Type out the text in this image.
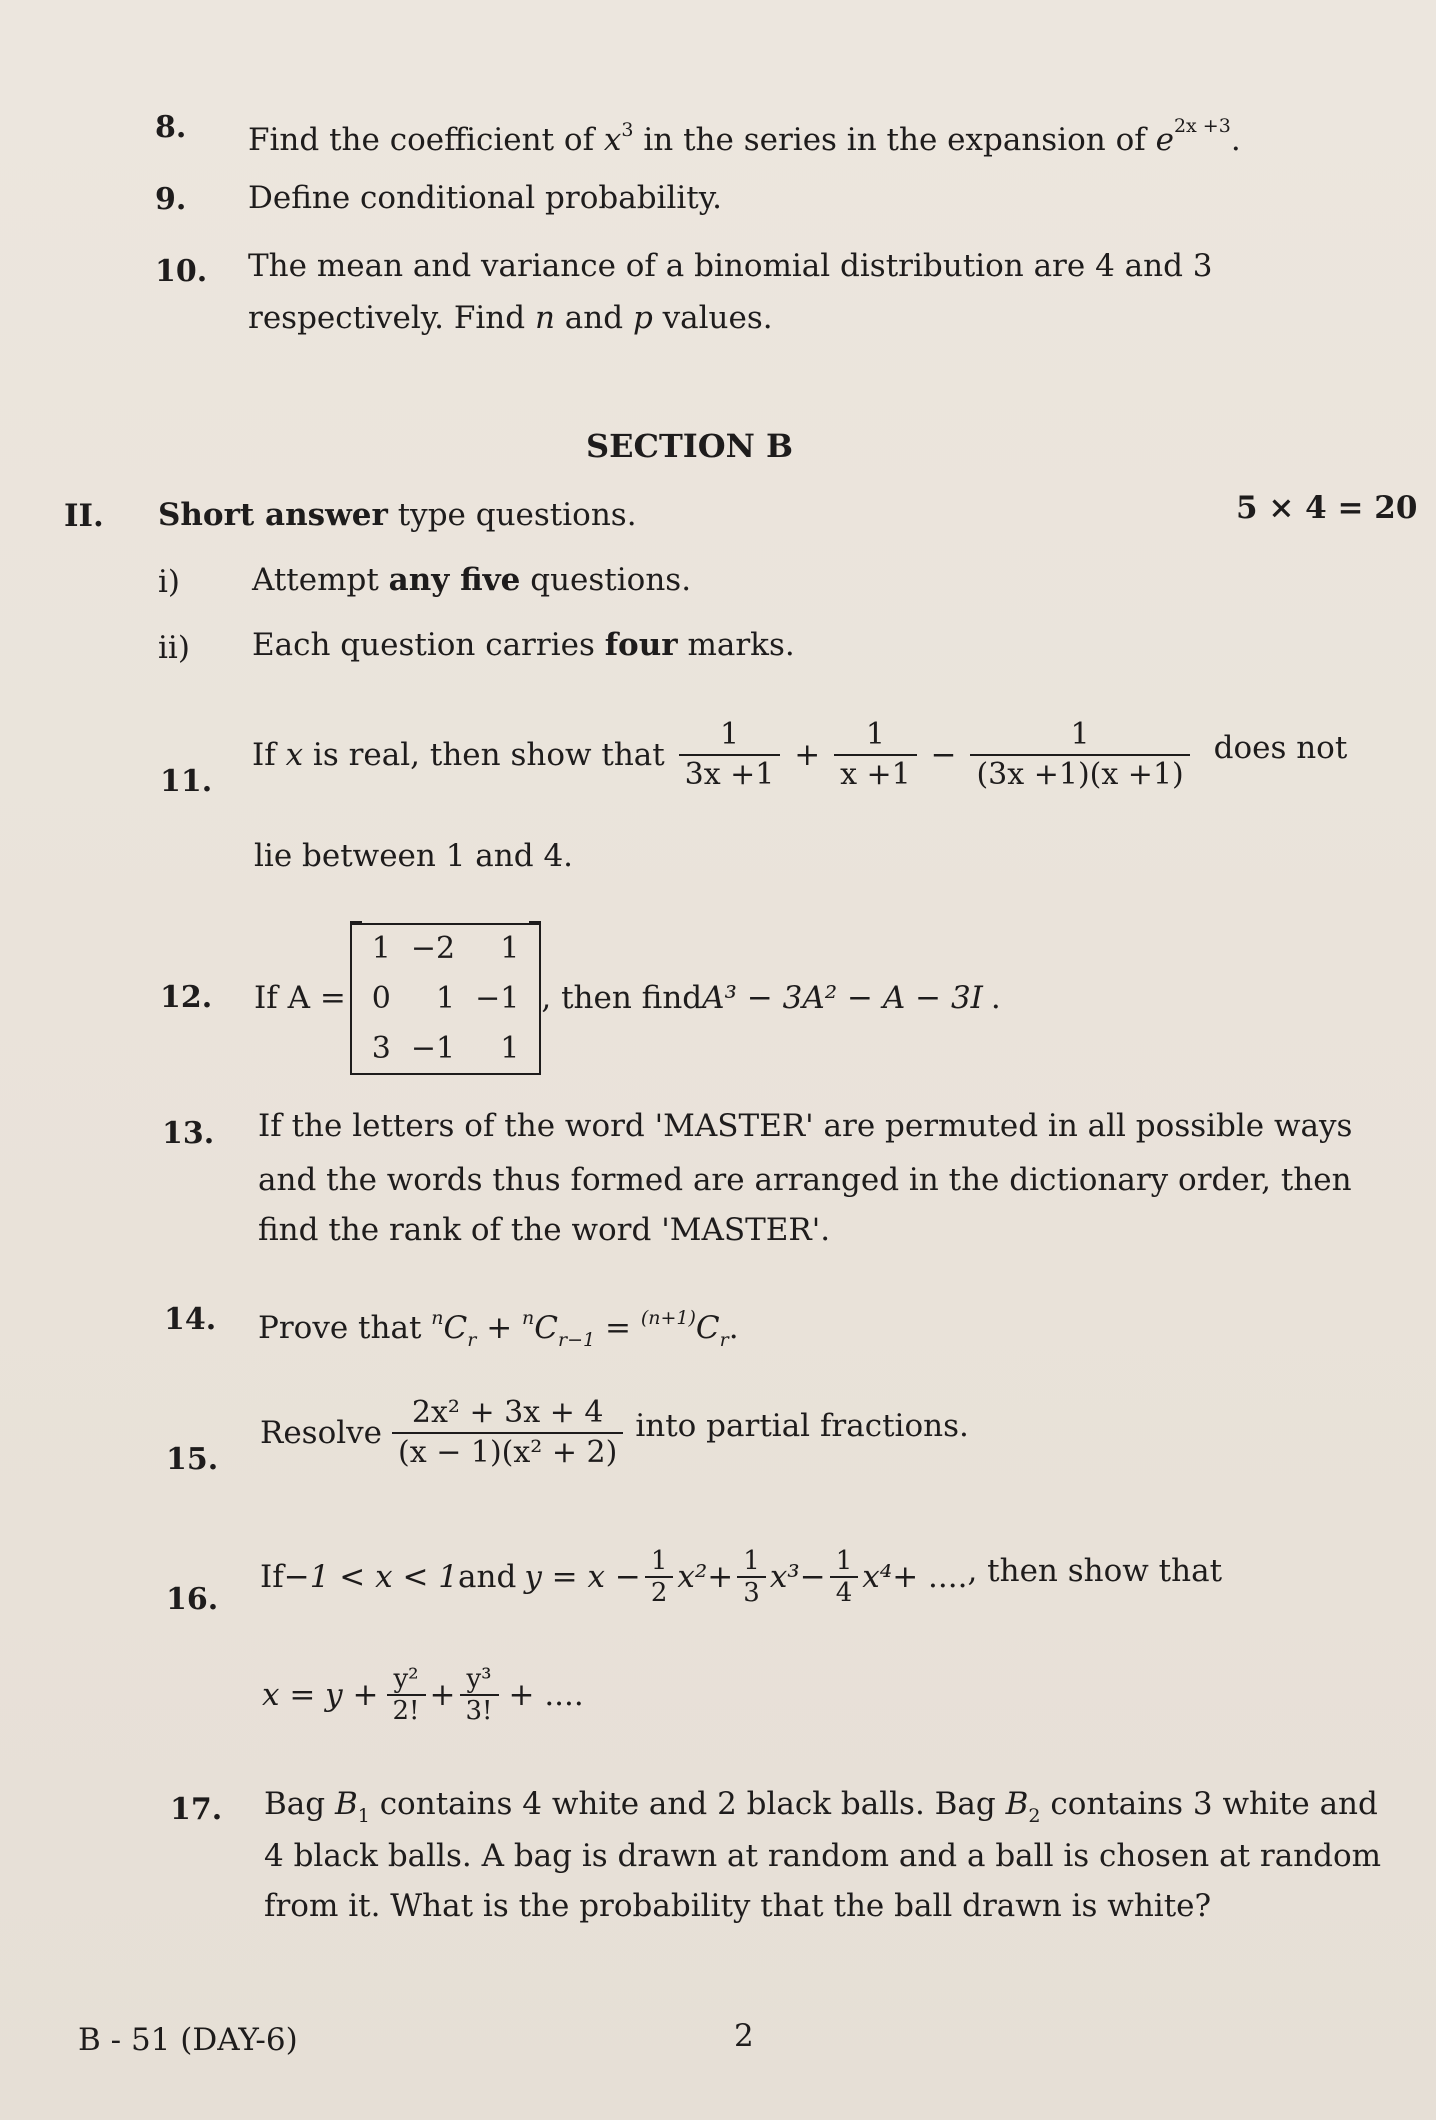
8. Find the coefficient of $x^3$ in the series in the expansion of $e^{2x +3}$.
9. Define conditional probability.
10. The mean and variance of a binomial distribution are 4 and 3
respectively. Find n and p values.
SECTION B
II. Short answer type questions.	5 × 4 = 20
i) Attempt any five questions.
ii) Each question carries four marks.
11.
If x is real, then show that $\frac{1}{3x +1} + \frac{1}{x +1} - \frac{1}{(3x +1)(x +1)}$ does not
lie between 1 and 4.
12. If A =
1	−2	1
0	1	−1
3	−1	1
, then find A³ − 3A² − A − 3I .
13. If the letters of the word 'MASTER' are permuted in all possible ways
and the words thus formed are arranged in the dictionary order, then
find the rank of the word 'MASTER'.
14. Prove that $^nC_r + ^nC_{r-1} = ^{(n+1)}C_r$.
15.
Resolve $\frac{\text{2x² + 3x + 4}}{\text{(x − 1)(x² + 2)}}$ into partial fractions.
16.
If −1 < x < 1 and $y = x - \frac{1}{2} x^2 + \frac{1}{3} x^3 - \frac{1}{4} x^4$ + .... , then show that
$x = y + \frac{\text{y²}}{2!} + \frac{\text{y³}}{3!}$ + ....
17. Bag $B_1$ contains 4 white and 2 black balls. Bag $B_2$ contains 3 white and
4 black balls. A bag is drawn at random and a ball is chosen at random
from it. What is the probability that the ball drawn is white?
B - 51 (DAY-6)	2
